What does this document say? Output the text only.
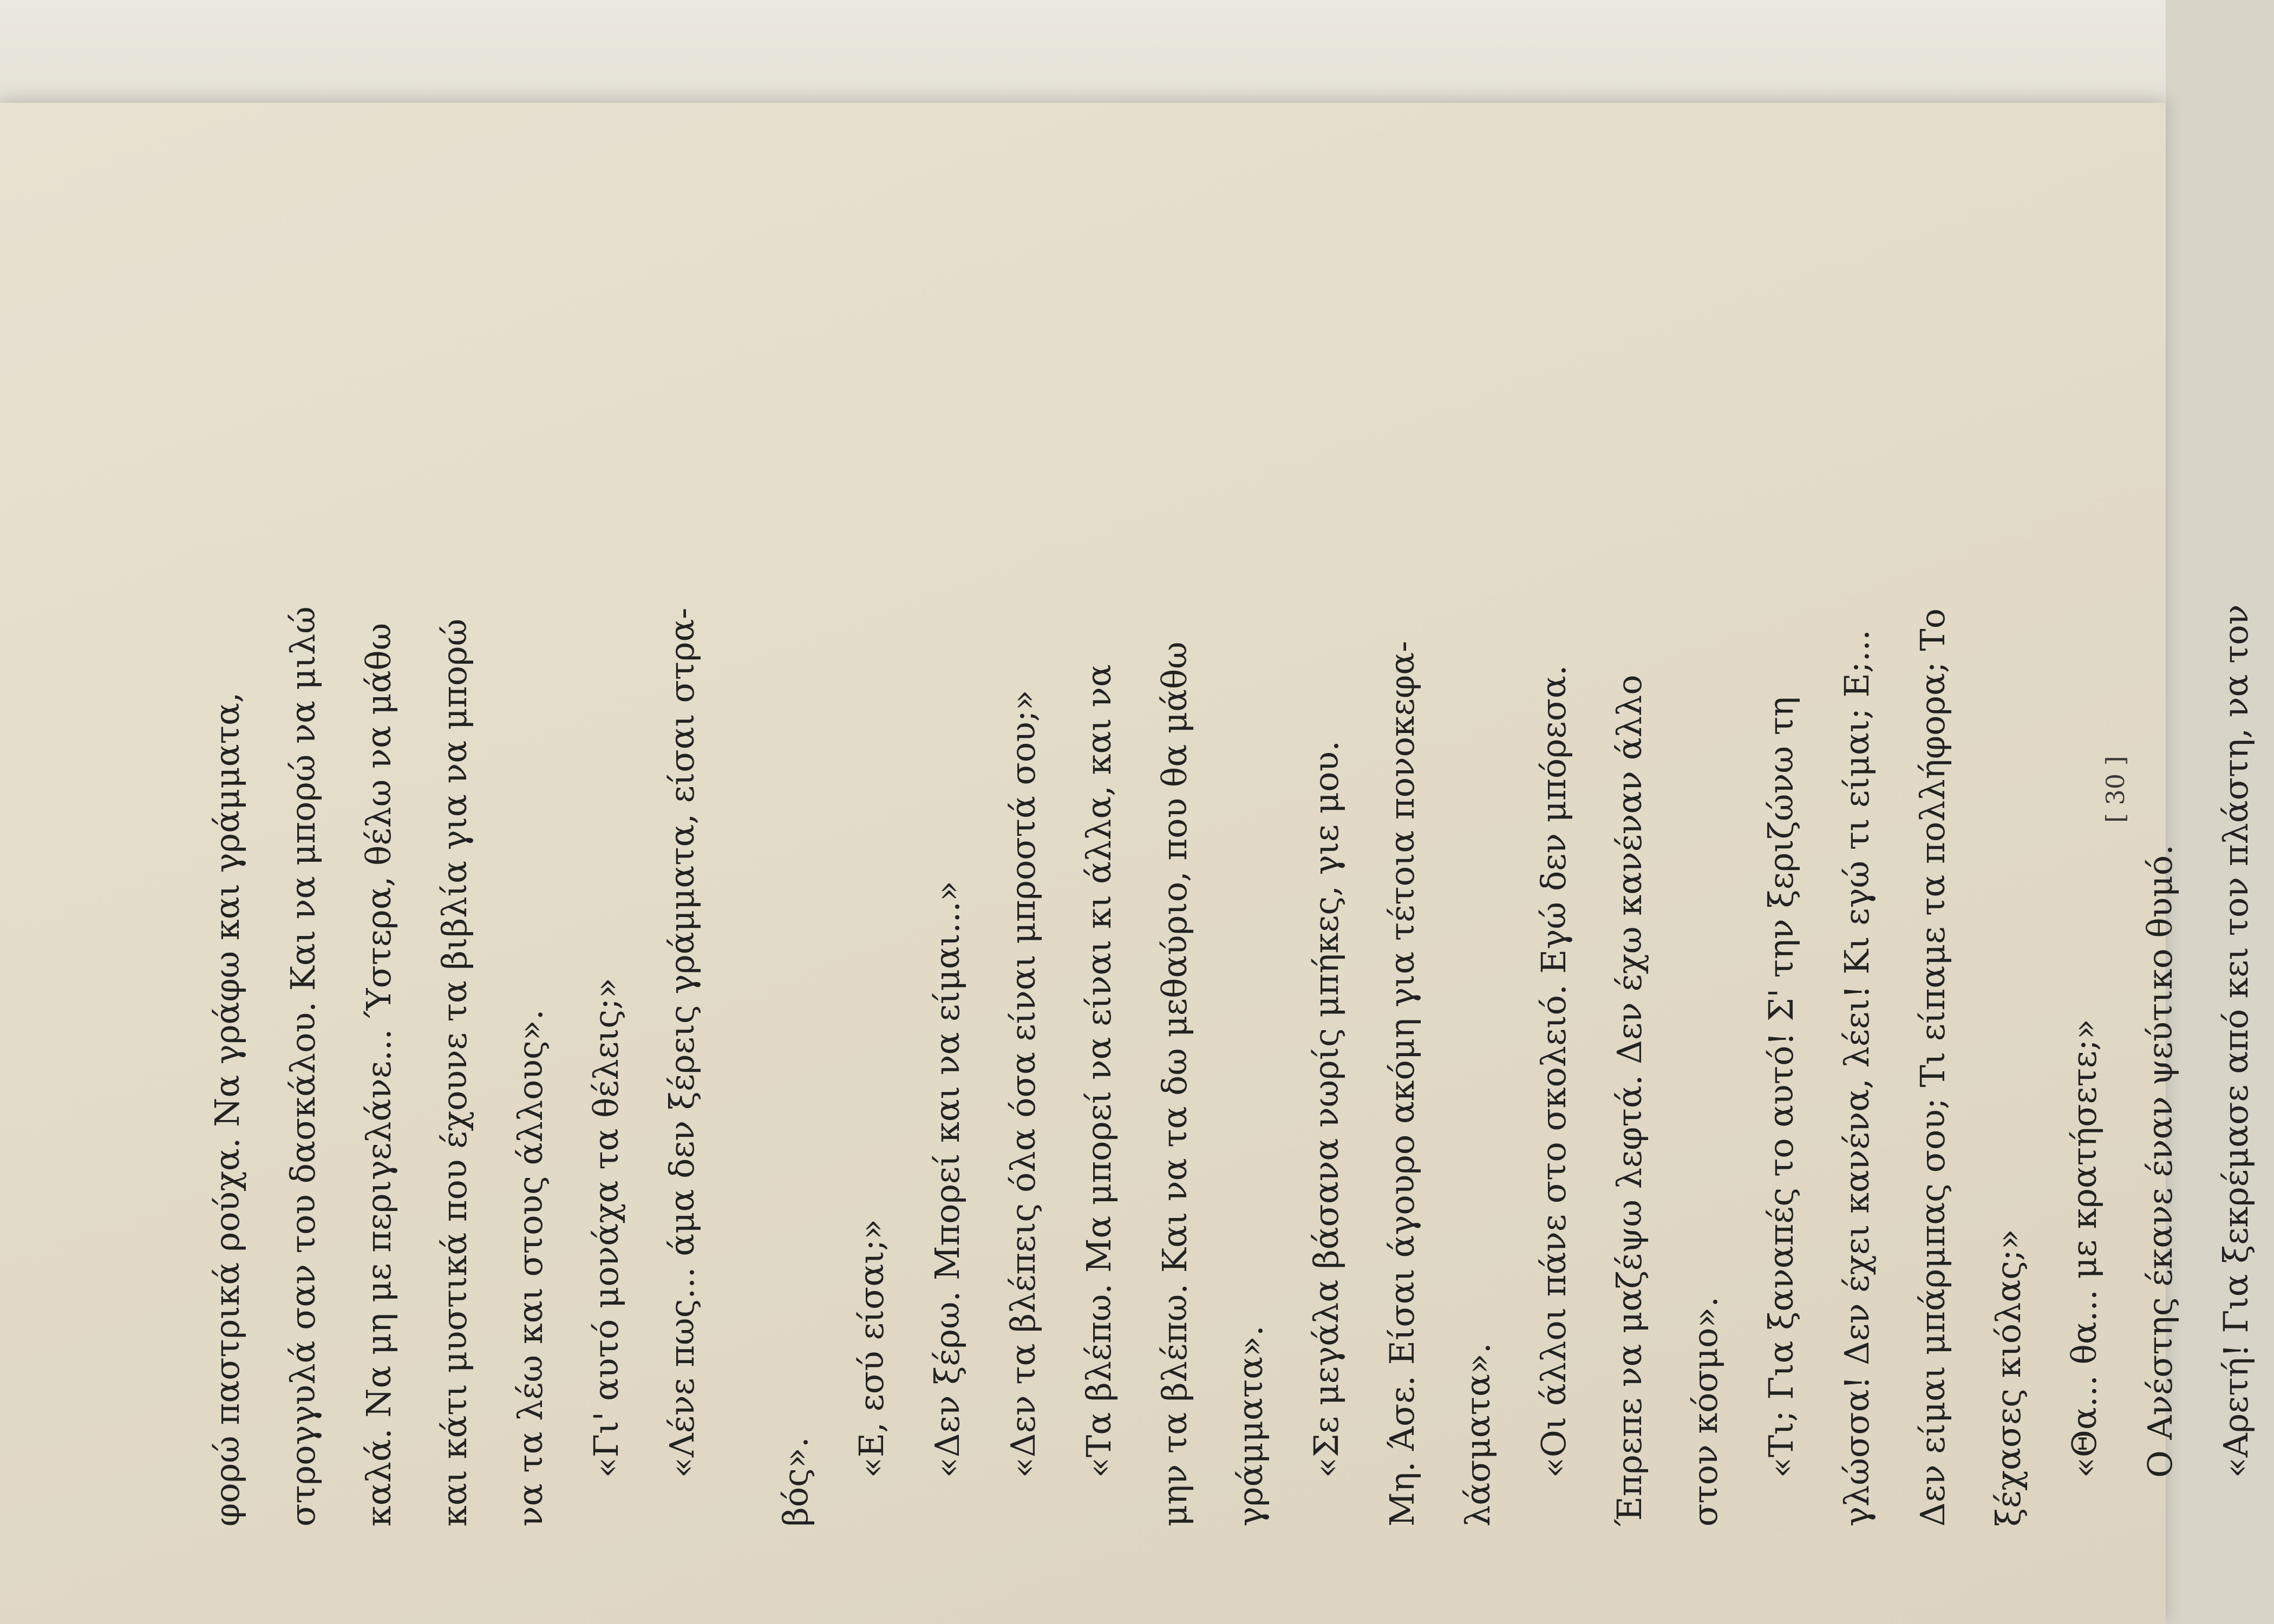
φορώ παστρικά ρούχα. Να γράφω και γράμματα,	στρογγυλά σαν του δασκάλου. Και να μπορώ να μιλώ	καλά. Να μη με περιγελάνε... Ύστερα, θέλω να μάθω	και κάτι μυστικά που έχουνε τα βιβλία για να μπορώ	να τα λέω και στους άλλους».	«Γι' αυτό μονάχα τα θέλεις;»	«Λένε πως... άμα δεν ξέρεις γράμματα, είσαι στρα-
βός».
«Ε, εσύ είσαι;»	«Δεν ξέρω. Μπορεί και να είμαι...»	«Δεν τα βλέπεις όλα όσα είναι μπροστά σου;»	«Τα βλέπω. Μα μπορεί να είναι κι άλλα, και να	μην τα βλέπω. Και να τα δω μεθαύριο, που θα μάθω	γράμματα».	«Σε μεγάλα βάσανα νωρίς μπήκες, γιε μου.	Μη. Άσε. Είσαι άγουρο ακόμη για τέτοια πονοκεφα-	λάσματα».	«Οι άλλοι πάνε στο σκολειό. Εγώ δεν μπόρεσα.	Έπρεπε να μαζέψω λεφτά. Δεν έχω κανέναν άλλο	στον κόσμο».	«Τι; Για ξαναπές το αυτό! Σ' την ξεριζώνω τη	γλώσσα! Δεν έχει κανένα, λέει! Κι εγώ τι είμαι; Ε;...	Δεν είμαι μπάρμπας σου; Τι είπαμε τα πολλήφορα; Το	ξέχασες κιόλας;»	«Θα... θα... με κρατήσετε;»	Ο Ανέστης έκανε έναν ψεύτικο θυμό.	«Αρετή! Για ξεκρέμασε από κει τον πλάστη, να τον
[ 30 ]
